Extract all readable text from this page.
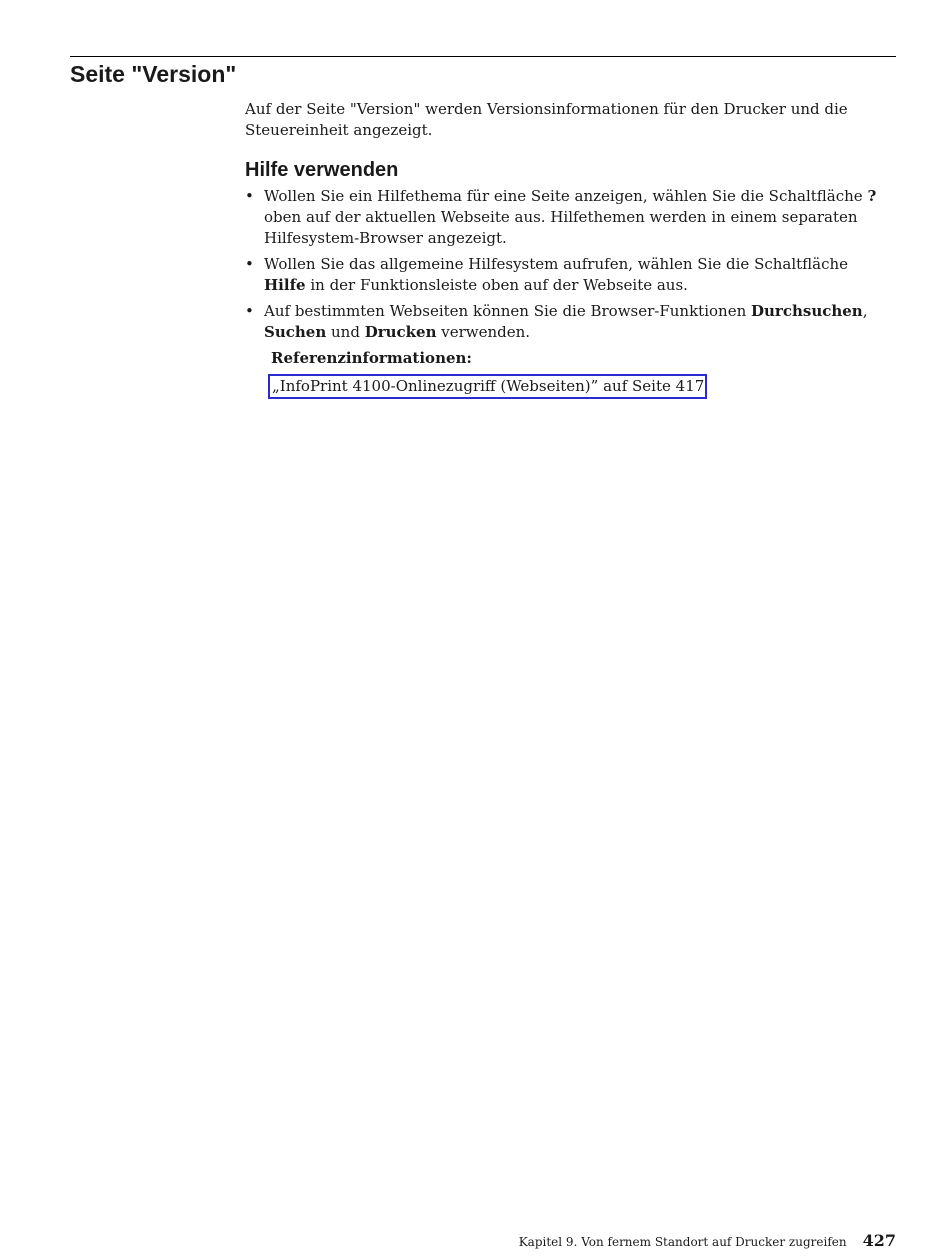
Seite "Version"

Auf der Seite "Version" werden Versionsinformationen für den Drucker und die Steuereinheit angezeigt.

Hilfe verwenden
• Wollen Sie ein Hilfethema für eine Seite anzeigen, wählen Sie die Schaltfläche ? oben auf der aktuellen Webseite aus. Hilfethemen werden in einem separaten Hilfesystem-Browser angezeigt.
• Wollen Sie das allgemeine Hilfesystem aufrufen, wählen Sie die Schaltfläche Hilfe in der Funktionsleiste oben auf der Webseite aus.
• Auf bestimmten Webseiten können Sie die Browser-Funktionen Durchsuchen, Suchen und Drucken verwenden.

Referenzinformationen:

„InfoPrint 4100-Onlinezugriff (Webseiten)” auf Seite 417
Kapitel 9. Von fernem Standort auf Drucker zugreifen 427
